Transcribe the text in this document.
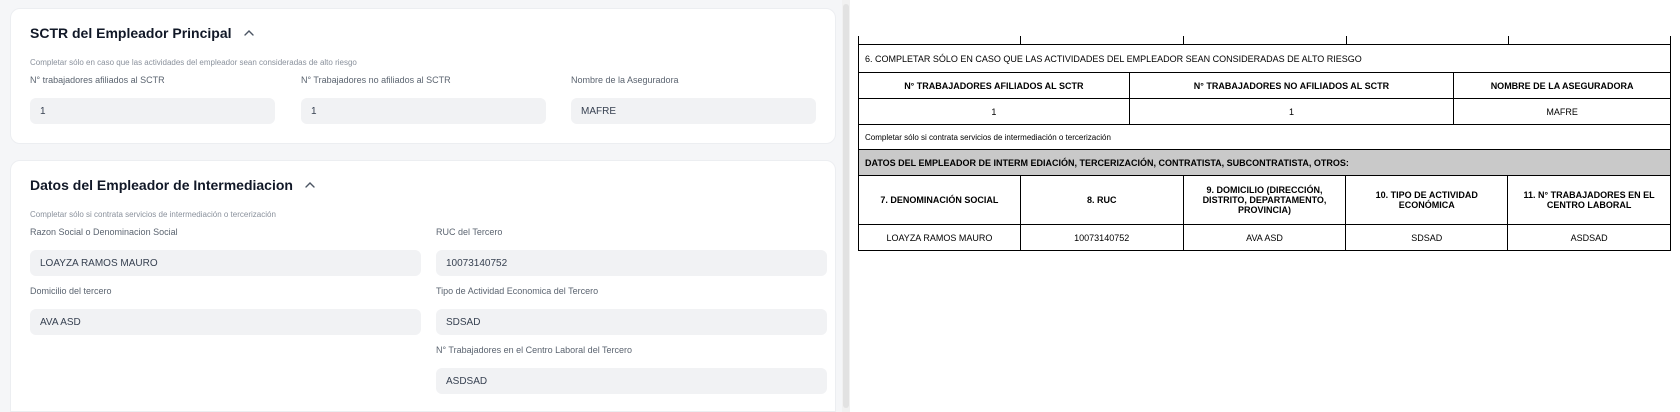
SCTR del Empleador Principal
Completar sólo en caso que las actividades del empleador sean consideradas de alto riesgo
N° trabajadores afiliados al SCTR	N° Trabajadores no afiliados al SCTR	Nombre de la Aseguradora
1	1	MAFRE
Datos del Empleador de Intermediacion
Completar sólo si contrata servicios de intermediación o tercerización
Razon Social o Denominacion Social	RUC del Tercero
LOAYZA RAMOS MAURO	10073140752
Domicilio del tercero	Tipo de Actividad Economica del Tercero
AVA ASD	SDSAD
N° Trabajadores en el Centro Laboral del Tercero
ASDSAD
6. COMPLETAR SÓLO EN CASO QUE LAS ACTIVIDADES DEL EMPLEADOR SEAN CONSIDERADAS DE ALTO RIESGO						
N° TRABAJADORES AFILIADOS AL SCTR		N° TRABAJADORES NO AFILIADOS AL SCTR			NOMBRE DE LA ASEGURADORA	
1		1			MAFRE	
Completar sólo si contrata servicios de intermediación o tercerización						
DATOS DEL EMPLEADOR DE INTERM EDIACIÓN, TERCERIZACIÓN, CONTRATISTA, SUBCONTRATISTA, OTROS:						
7. DENOMINACIÓN SOCIAL	8. RUC		9. DOMICILIO (DIRECCIÓN, DISTRITO, DEPARTAMENTO, PROVINCIA)	10. TIPO DE ACTIVIDAD ECONÓMICA		11. N° TRABAJADORES EN EL CENTRO LABORAL
LOAYZA RAMOS MAURO	10073140752		AVA ASD	SDSAD		ASDSAD
